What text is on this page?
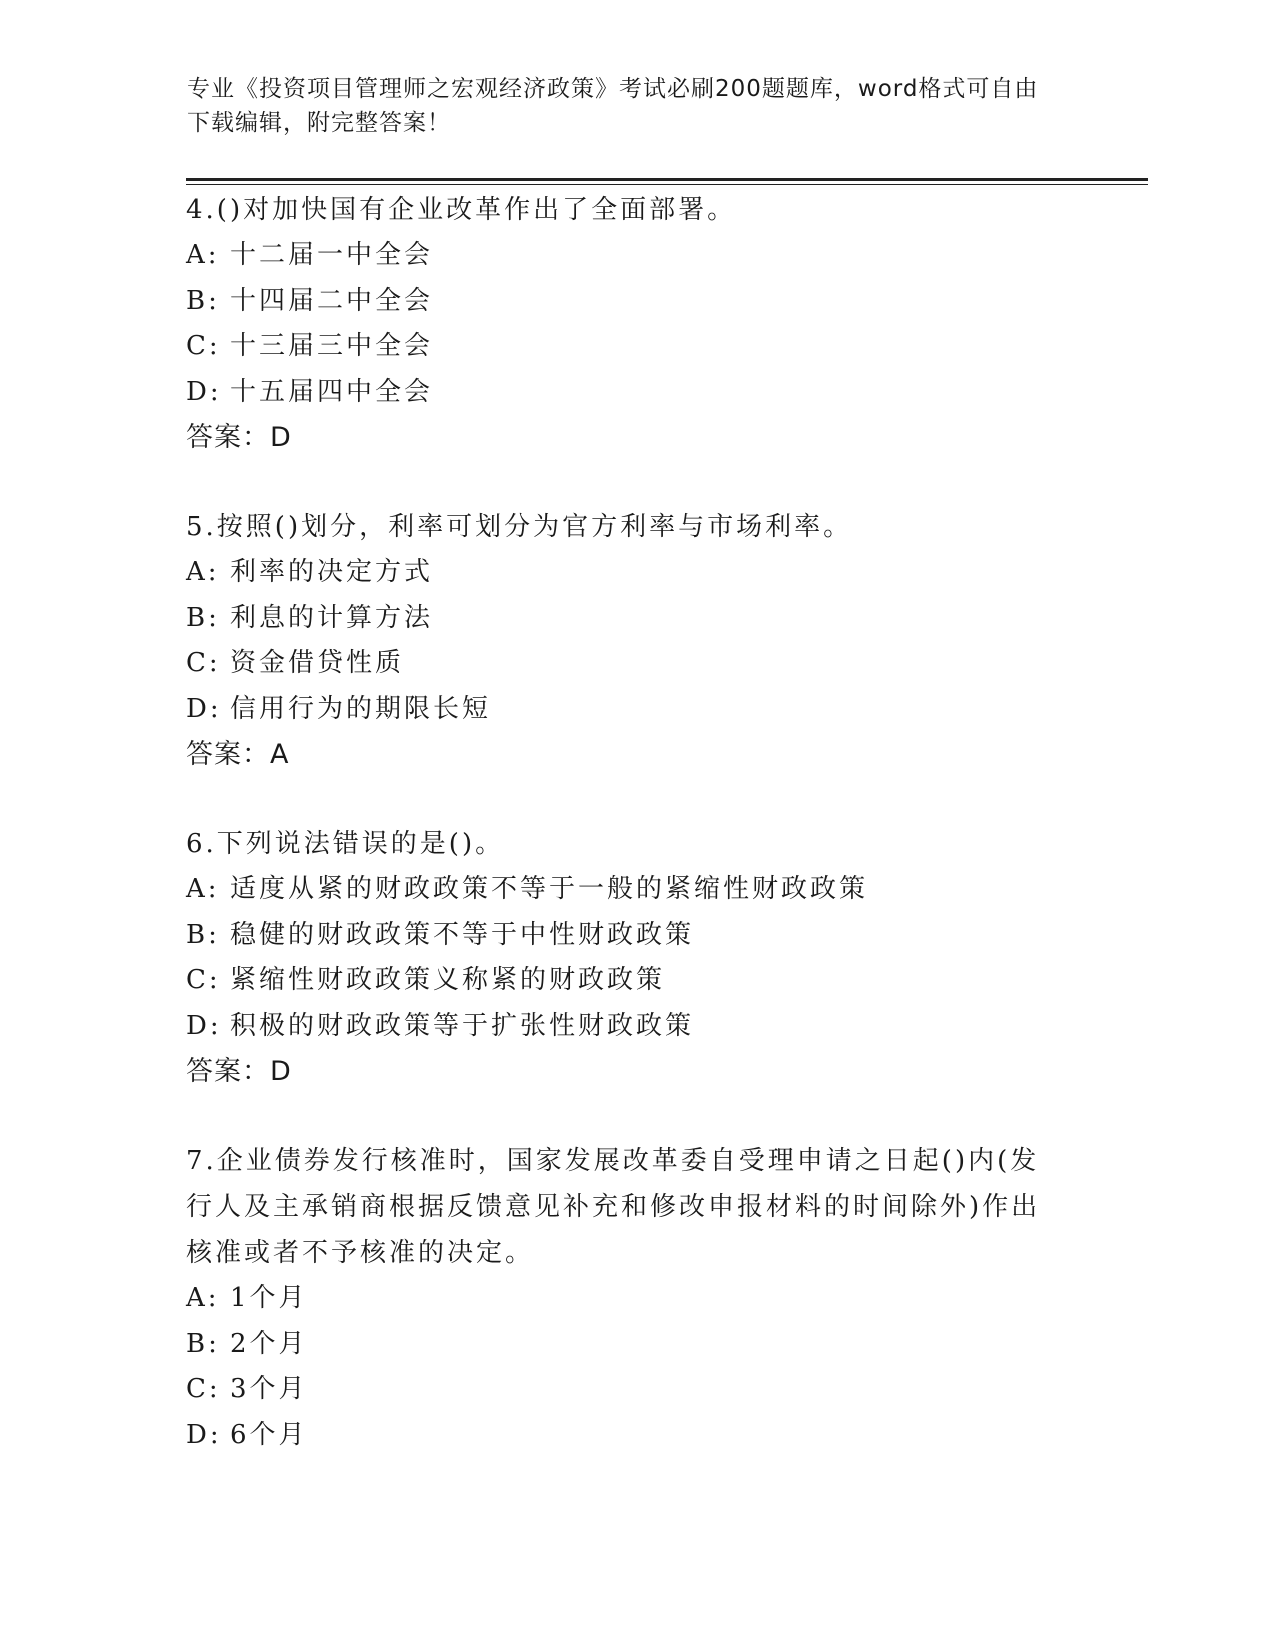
专业《投资项目管理师之宏观经济政策》考试必刷200题题库，word格式可自由
下载编辑，附完整答案！
4.()对加快国有企业改革作出了全面部署。
A: 十二届一中全会
B: 十四届二中全会
C: 十三届三中全会
D: 十五届四中全会
答案：D
5.按照()划分，利率可划分为官方利率与市场利率。
A: 利率的决定方式
B: 利息的计算方法
C: 资金借贷性质
D: 信用行为的期限长短
答案：A
6.下列说法错误的是()。
A: 适度从紧的财政政策不等于一般的紧缩性财政政策
B: 稳健的财政政策不等于中性财政政策
C: 紧缩性财政政策义称紧的财政政策
D: 积极的财政政策等于扩张性财政政策
答案：D
7.企业债券发行核准时，国家发展改革委自受理申请之日起()内(发行人及主承销商根据反馈意见补充和修改申报材料的时间除外)作出核准或者不予核准的决定。
A: 1个月
B: 2个月
C: 3个月
D: 6个月
